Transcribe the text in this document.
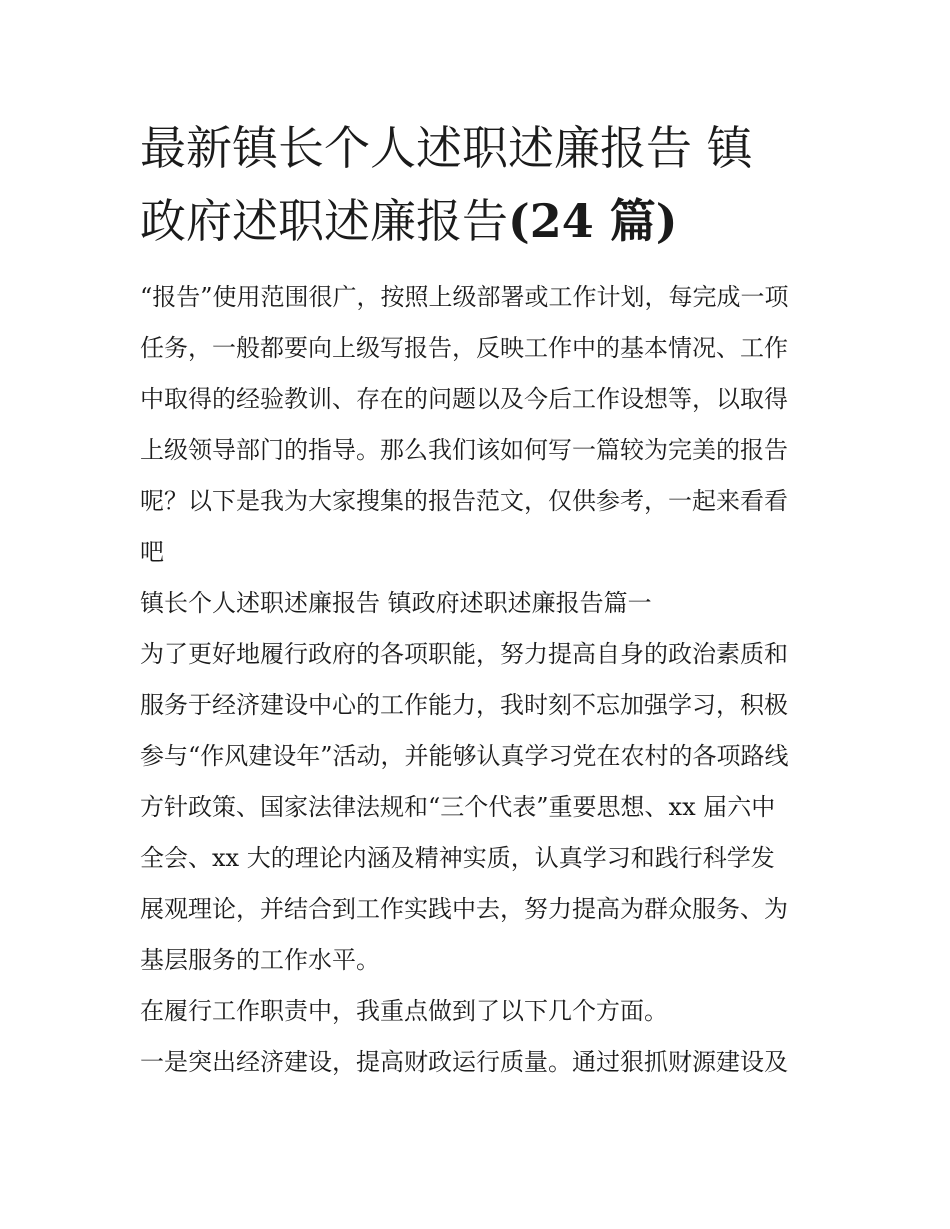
最新镇长个人述职述廉报告 镇
政府述职述廉报告(24 篇)

“报告”使用范围很广，按照上级部署或工作计划，每完成一项

任务，一般都要向上级写报告，反映工作中的基本情况、工作

中取得的经验教训、存在的问题以及今后工作设想等，以取得

上级领导部门的指导。那么我们该如何写一篇较为完美的报告

呢？以下是我为大家搜集的报告范文，仅供参考，一起来看看

吧

镇长个人述职述廉报告 镇政府述职述廉报告篇一

为了更好地履行政府的各项职能，努力提高自身的政治素质和

服务于经济建设中心的工作能力，我时刻不忘加强学习，积极

参与“作风建设年”活动，并能够认真学习党在农村的各项路线

方针政策、国家法律法规和“三个代表”重要思想、xx 届六中

全会、xx 大的理论内涵及精神实质，认真学习和践行科学发

展观理论，并结合到工作实践中去，努力提高为群众服务、为

基层服务的工作水平。

在履行工作职责中，我重点做到了以下几个方面。

一是突出经济建设，提高财政运行质量。通过狠抓财源建设及
